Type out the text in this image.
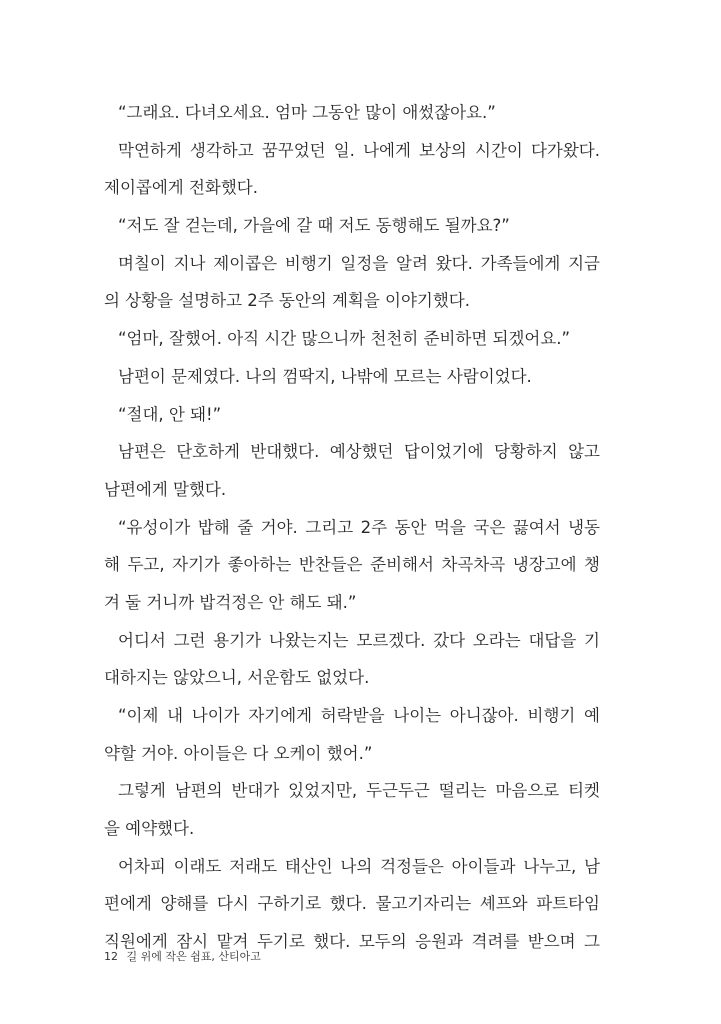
“그래요. 다녀오세요. 엄마 그동안 많이 애썼잖아요.”
막연하게 생각하고 꿈꾸었던 일. 나에게 보상의 시간이 다가왔다.
제이콥에게 전화했다.
“저도 잘 걷는데, 가을에 갈 때 저도 동행해도 될까요?”
며칠이 지나 제이콥은 비행기 일정을 알려 왔다. 가족들에게 지금
의 상황을 설명하고 2주 동안의 계획을 이야기했다.
“엄마, 잘했어. 아직 시간 많으니까 천천히 준비하면 되겠어요.”
남편이 문제였다. 나의 껌딱지, 나밖에 모르는 사람이었다.
“절대, 안 돼!”
남편은 단호하게 반대했다. 예상했던 답이었기에 당황하지 않고
남편에게 말했다.
“유성이가 밥해 줄 거야. 그리고 2주 동안 먹을 국은 끓여서 냉동
해 두고, 자기가 좋아하는 반찬들은 준비해서 차곡차곡 냉장고에 챙
겨 둘 거니까 밥걱정은 안 해도 돼.”
어디서 그런 용기가 나왔는지는 모르겠다. 갔다 오라는 대답을 기
대하지는 않았으니, 서운함도 없었다.
“이제 내 나이가 자기에게 허락받을 나이는 아니잖아. 비행기 예
약할 거야. 아이들은 다 오케이 했어.”
그렇게 남편의 반대가 있었지만, 두근두근 떨리는 마음으로 티켓
을 예약했다.
어차피 이래도 저래도 태산인 나의 걱정들은 아이들과 나누고, 남
편에게 양해를 다시 구하기로 했다. 물고기자리는 셰프와 파트타임
직원에게 잠시 맡겨 두기로 했다. 모두의 응원과 격려를 받으며 그
12 길 위에 작은 쉼표, 산티아고
